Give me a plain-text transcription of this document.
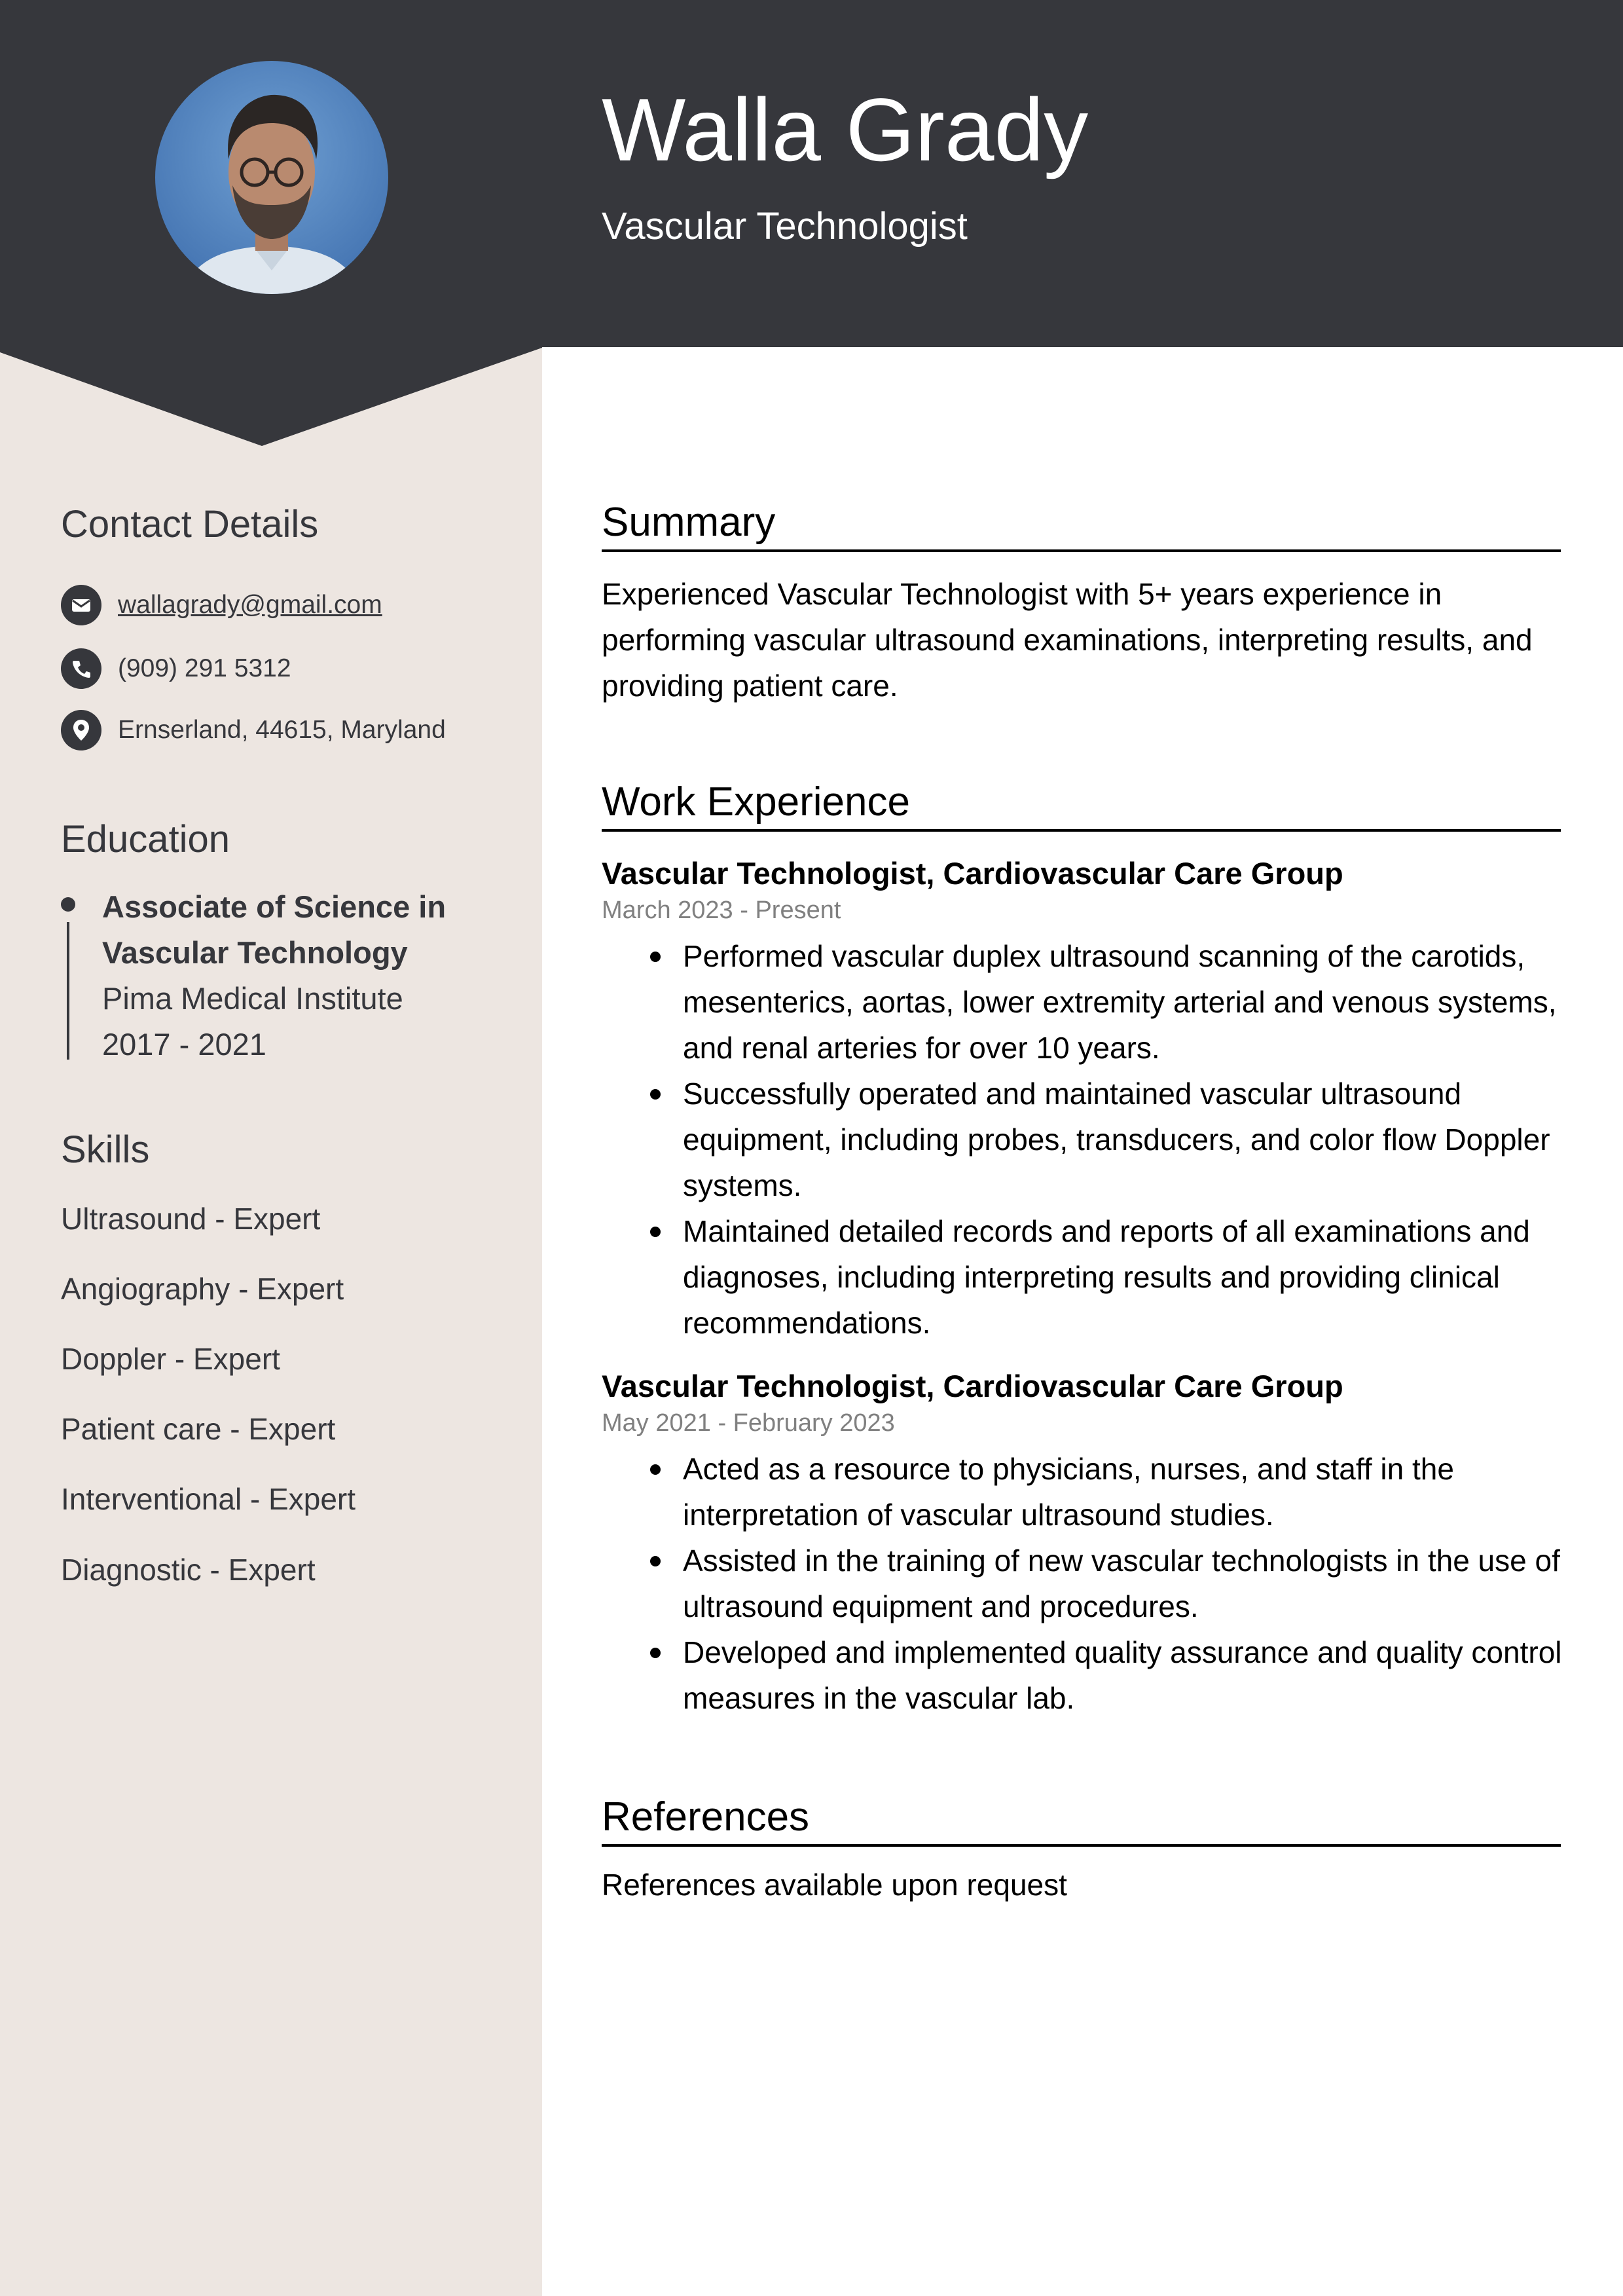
Walla Grady
Vascular Technologist
Contact Details
wallagrady@gmail.com
(909) 291 5312
Ernserland, 44615, Maryland
Education
Associate of Science in Vascular Technology
Pima Medical Institute
2017 - 2021
Skills
Ultrasound - Expert
Angiography - Expert
Doppler - Expert
Patient care - Expert
Interventional - Expert
Diagnostic - Expert
Summary
Experienced Vascular Technologist with 5+ years experience in performing vascular ultrasound examinations, interpreting results, and providing patient care.
Work Experience
Vascular Technologist, Cardiovascular Care Group
March 2023 - Present
Performed vascular duplex ultrasound scanning of the carotids, mesenterics, aortas, lower extremity arterial and venous systems, and renal arteries for over 10 years.
Successfully operated and maintained vascular ultrasound equipment, including probes, transducers, and color flow Doppler systems.
Maintained detailed records and reports of all examinations and diagnoses, including interpreting results and providing clinical recommendations.
Vascular Technologist, Cardiovascular Care Group
May 2021 - February 2023
Acted as a resource to physicians, nurses, and staff in the interpretation of vascular ultrasound studies.
Assisted in the training of new vascular technologists in the use of ultrasound equipment and procedures.
Developed and implemented quality assurance and quality control measures in the vascular lab.
References
References available upon request
